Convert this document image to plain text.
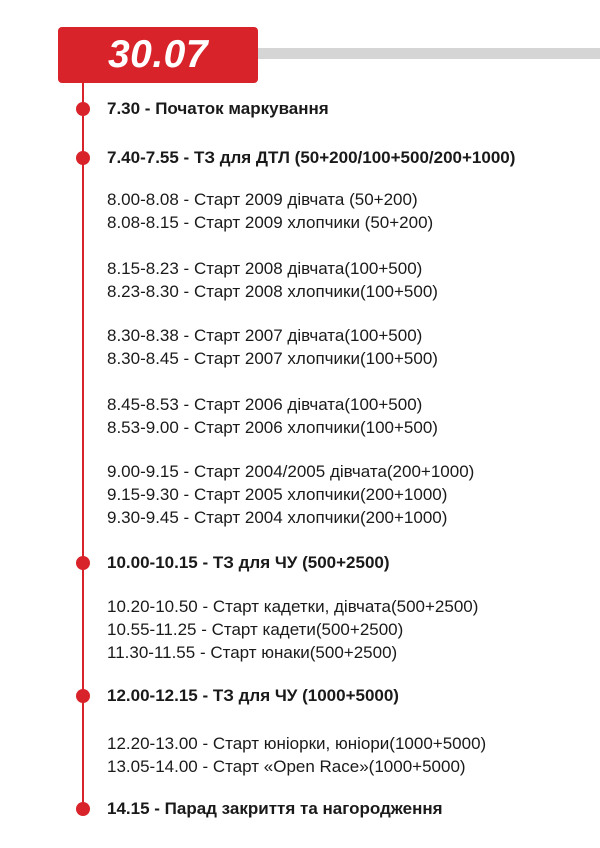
30.07
7.30 - Початок маркування
7.40-7.55 - ТЗ для ДТЛ (50+200/100+500/200+1000)
8.00-8.08 - Старт 2009 дівчата (50+200)
8.08-8.15 - Старт 2009 хлопчики (50+200)
8.15-8.23 - Старт 2008 дівчата(100+500)
8.23-8.30 - Старт 2008 хлопчики(100+500)
8.30-8.38 - Старт 2007 дівчата(100+500)
8.30-8.45 - Старт 2007 хлопчики(100+500)
8.45-8.53 - Старт 2006 дівчата(100+500)
8.53-9.00 - Старт 2006 хлопчики(100+500)
9.00-9.15 - Старт 2004/2005 дівчата(200+1000)
9.15-9.30 - Старт 2005 хлопчики(200+1000)
9.30-9.45 - Старт 2004 хлопчики(200+1000)
10.00-10.15 - ТЗ для ЧУ (500+2500)
10.20-10.50 - Старт кадетки, дівчата(500+2500)
10.55-11.25 - Старт кадети(500+2500)
11.30-11.55 - Старт юнаки(500+2500)
12.00-12.15 - ТЗ для ЧУ (1000+5000)
12.20-13.00 - Старт юніорки, юніори(1000+5000)
13.05-14.00 - Старт «Open Race»(1000+5000)
14.15 - Парад закриття та нагородження
